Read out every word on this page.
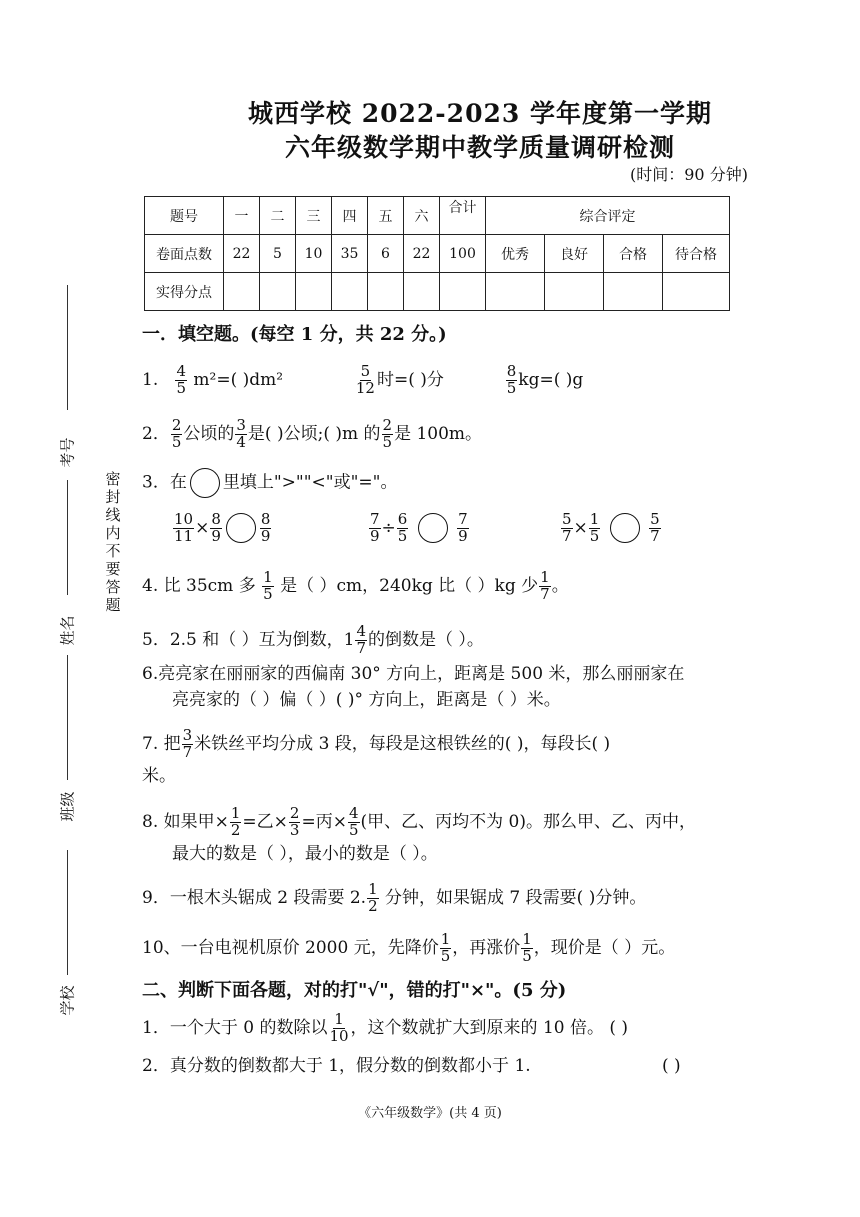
城西学校 2022-2023 学年度第一学期
六年级数学期中教学质量调研检测
(时间：90 分钟)
题号	一	二	三	四	五	六	合计	综合评定			
卷面点数	22	5	10	35	6	22	100	优秀	良好	合格	待合格
实得分点											
考号
姓名
班级
学校
密
封
线
内
不
要
答
题
一．填空题。(每空 1 分，共 22 分。)
1. $\frac{4}{5} m^2=$( )dm²	$\frac{5}{12}$ 时=( )分	$\frac{8}{5} kg=$( )g
2． $\frac{2}{5}$ 公顷的 $\frac{3}{4}$ 是( )公顷;( )m 的 $\frac{2}{5}$ 是 100m。
3．在 里填上">""<"或"="。
$\frac{10}{11} \times \frac{8}{9}$	$\frac{8}{9}$	$\frac{7}{9} \div \frac{6}{5}$
	$\frac{7}{9}$	$\frac{5}{7} \times \frac{1}{5}$
	$\frac{5}{7}$
4. 比 35cm 多 $\frac{1}{5}$ 是（ ）cm，240kg 比（ ）kg 少 $\frac{1}{7}$ 。
5．2.5 和（ ）互为倒数，$1 \frac{4}{7}$ 的倒数是（ ）。
6.亮亮家在丽丽家的西偏南 30° 方向上，距离是 500 米，那么丽丽家在
亮亮家的（ ）偏（ ）( )° 方向上，距离是（ ）米。
7. 把 $\frac{3}{7}$ 米铁丝平均分成 3 段，每段是这根铁丝的( )，每段长( )
米。
8. 如果甲× $\frac{1}{2}$ =乙× $\frac{2}{3}$ =丙× $\frac{4}{5}$ (甲、乙、丙均不为 0)。那么甲、乙、丙中，
最大的数是（ ），最小的数是（ ）。
9．一根木头锯成 2 段需要 2. $\frac{1}{2}$ 分钟，如果锯成 7 段需要( )分钟。
10、一台电视机原价 2000 元，先降价 $\frac{1}{5}$ ，再涨价 $\frac{1}{5}$ ，现价是（ ）元。
二、判断下面各题，对的打"√"，错的打"×"。(5 分)
1．一个大于 0 的数除以 $\frac{1}{10}$ ，这个数就扩大到原来的 10 倍。 ( )
2．真分数的倒数都大于 1，假分数的倒数都小于 1.	( )
《六年级数学》(共 4 页)
